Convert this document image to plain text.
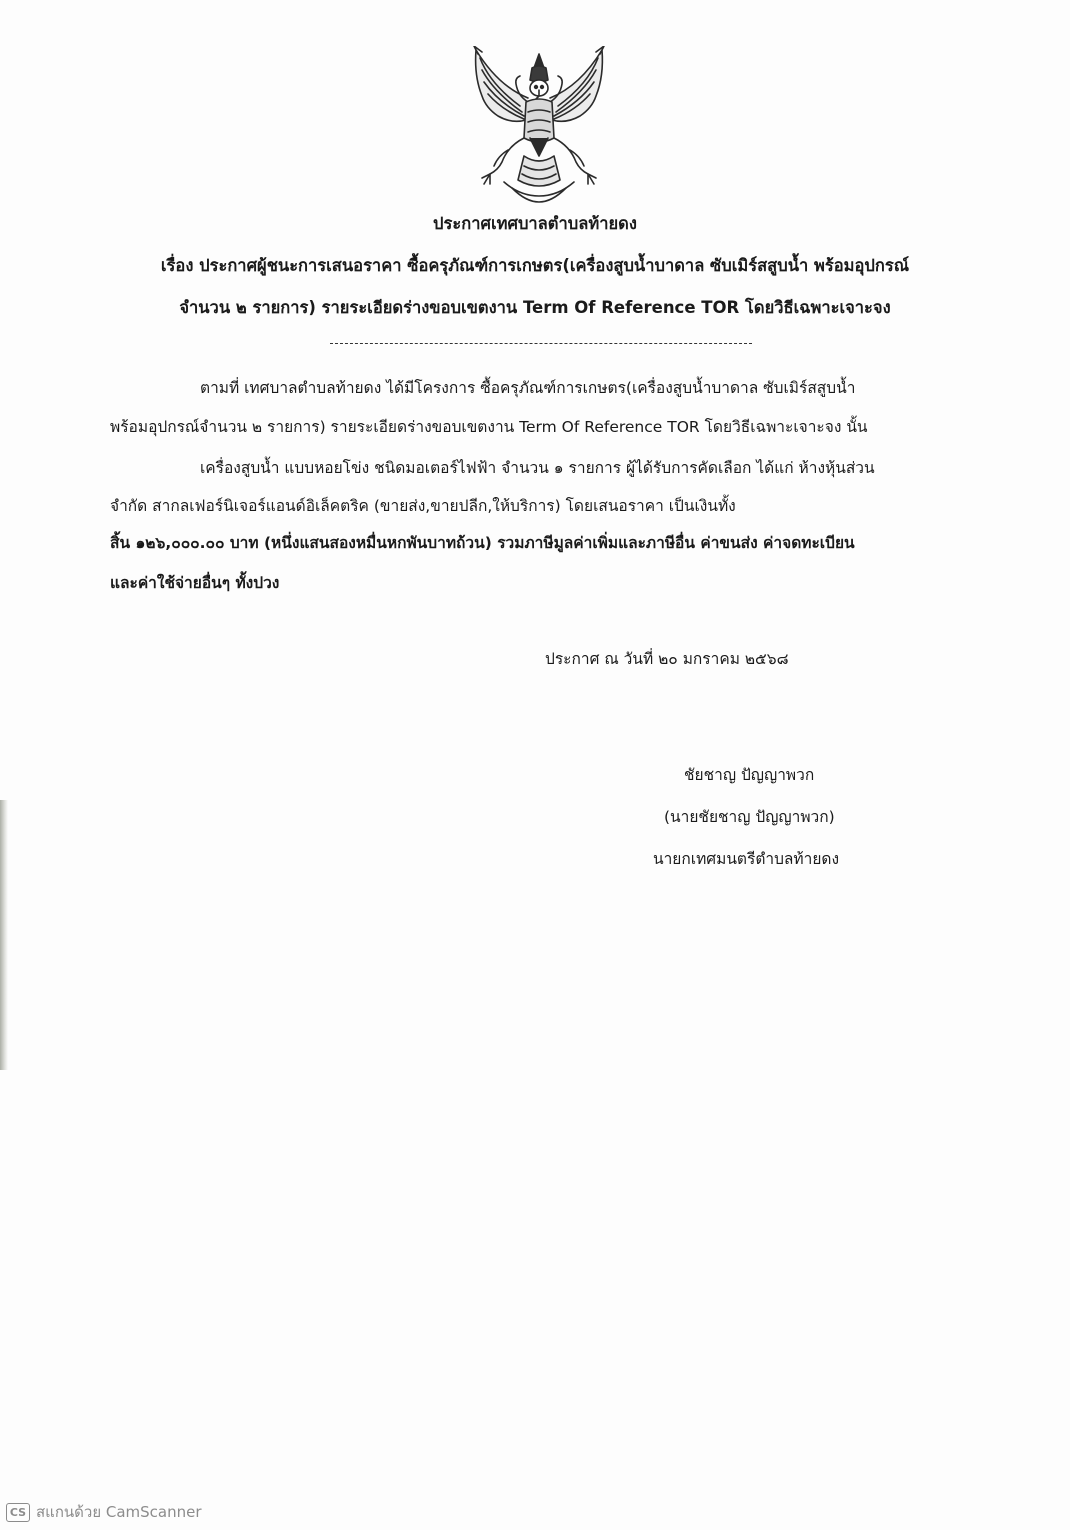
ประกาศเทศบาลตำบลท้ายดง
เรื่อง ประกาศผู้ชนะการเสนอราคา ซื้อครุภัณฑ์การเกษตร(เครื่องสูบน้ำบาดาล ซับเมิร์สสูบน้ำ พร้อมอุปกรณ์
จำนวน ๒ รายการ) รายระเอียดร่างขอบเขตงาน Term Of Reference TOR โดยวิธีเฉพาะเจาะจง
ตามที่ เทศบาลตำบลท้ายดง ได้มีโครงการ ซื้อครุภัณฑ์การเกษตร(เครื่องสูบน้ำบาดาล ซับเมิร์สสูบน้ำ
พร้อมอุปกรณ์จำนวน ๒ รายการ) รายระเอียดร่างขอบเขตงาน Term Of Reference TOR โดยวิธีเฉพาะเจาะจง นั้น
เครื่องสูบน้ำ แบบหอยโข่ง ชนิดมอเตอร์ไฟฟ้า จำนวน ๑ รายการ ผู้ได้รับการคัดเลือก ได้แก่ ห้างหุ้นส่วน
จำกัด สากลเฟอร์นิเจอร์แอนด์อิเล็คตริค (ขายส่ง,ขายปลีก,ให้บริการ) โดยเสนอราคา เป็นเงินทั้ง
สิ้น ๑๒๖,๐๐๐.๐๐ บาท (หนึ่งแสนสองหมื่นหกพันบาทถ้วน) รวมภาษีมูลค่าเพิ่มและภาษีอื่น ค่าขนส่ง ค่าจดทะเบียน
และค่าใช้จ่ายอื่นๆ ทั้งปวง
ประกาศ ณ วันที่ ๒๐ มกราคม ๒๕๖๘
ชัยชาญ ปัญญาพวก
(นายชัยชาญ ปัญญาพวก)
นายกเทศมนตรีตำบลท้ายดง
CS สแกนด้วย CamScanner
